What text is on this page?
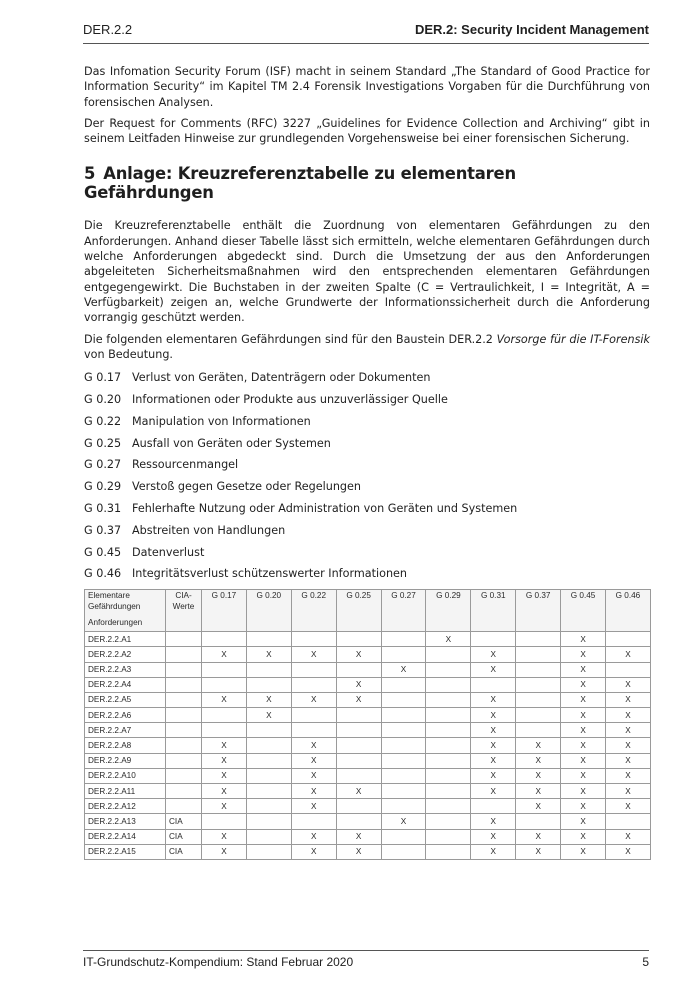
DER.2.2	DER.2: Security Incident Management

Das Infomation Security Forum (ISF) macht in seinem Standard „The Standard of Good Practice for Information Security“ im Kapitel TM 2.4 Forensik Investigations Vorgaben für die Durchführung von forensischen Analysen.

Der Request for Comments (RFC) 3227 „Guidelines for Evidence Collection and Archiving“ gibt in seinem Leitfaden Hinweise zur grundlegenden Vorgehensweise bei einer forensischen Sicherung.

5 Anlage: Kreuzreferenztabelle zu elementaren Gefährdungen

Die Kreuzreferenztabelle enthält die Zuordnung von elementaren Gefährdungen zu den Anforderungen. Anhand dieser Tabelle lässt sich ermitteln, welche elementaren Gefährdungen durch welche Anforderungen abgedeckt sind. Durch die Umsetzung der aus den Anforderungen abgeleiteten Sicherheitsmaßnahmen wird den entsprechenden elementaren Gefährdungen entgegengewirkt. Die Buchstaben in der zweiten Spalte (C = Vertraulichkeit, I = Integrität, A = Verfügbarkeit) zeigen an, welche Grundwerte der Informationssicherheit durch die Anforderung vorrangig geschützt werden.

Die folgenden elementaren Gefährdungen sind für den Baustein DER.2.2 Vorsorge für die IT-Forensik von Bedeutung.

G 0.17 Verlust von Geräten, Datenträgern oder Dokumenten
G 0.20 Informationen oder Produkte aus unzuverlässiger Quelle
G 0.22 Manipulation von Informationen
G 0.25 Ausfall von Geräten oder Systemen
G 0.27 Ressourcenmangel
G 0.29 Verstoß gegen Gesetze oder Regelungen
G 0.31 Fehlerhafte Nutzung oder Administration von Geräten und Systemen
G 0.37 Abstreiten von Handlungen
G 0.45 Datenverlust
G 0.46 Integritätsverlust schützenswerter Informationen
Elementare Gefährdungen
Anforderungen	CIA-Werte	G 0.17	G 0.20	G 0.22	G 0.25	G 0.27	G 0.29	G 0.31	G 0.37	G 0.45	G 0.46
DER.2.2.A1							X			X	
DER.2.2.A2		X	X	X	X			X		X	X
DER.2.2.A3						X		X		X	
DER.2.2.A4					X					X	X
DER.2.2.A5		X	X	X	X			X		X	X
DER.2.2.A6			X					X		X	X
DER.2.2.A7								X		X	X
DER.2.2.A8		X		X				X	X	X	X
DER.2.2.A9		X		X				X	X	X	X
DER.2.2.A10		X		X				X	X	X	X
DER.2.2.A11		X		X	X			X	X	X	X
DER.2.2.A12		X		X					X	X	X
DER.2.2.A13	CIA					X		X		X	
DER.2.2.A14	CIA	X		X	X			X	X	X	X
DER.2.2.A15	CIA	X		X	X			X	X	X	X
IT-Grundschutz-Kompendium: Stand Februar 2020	5
